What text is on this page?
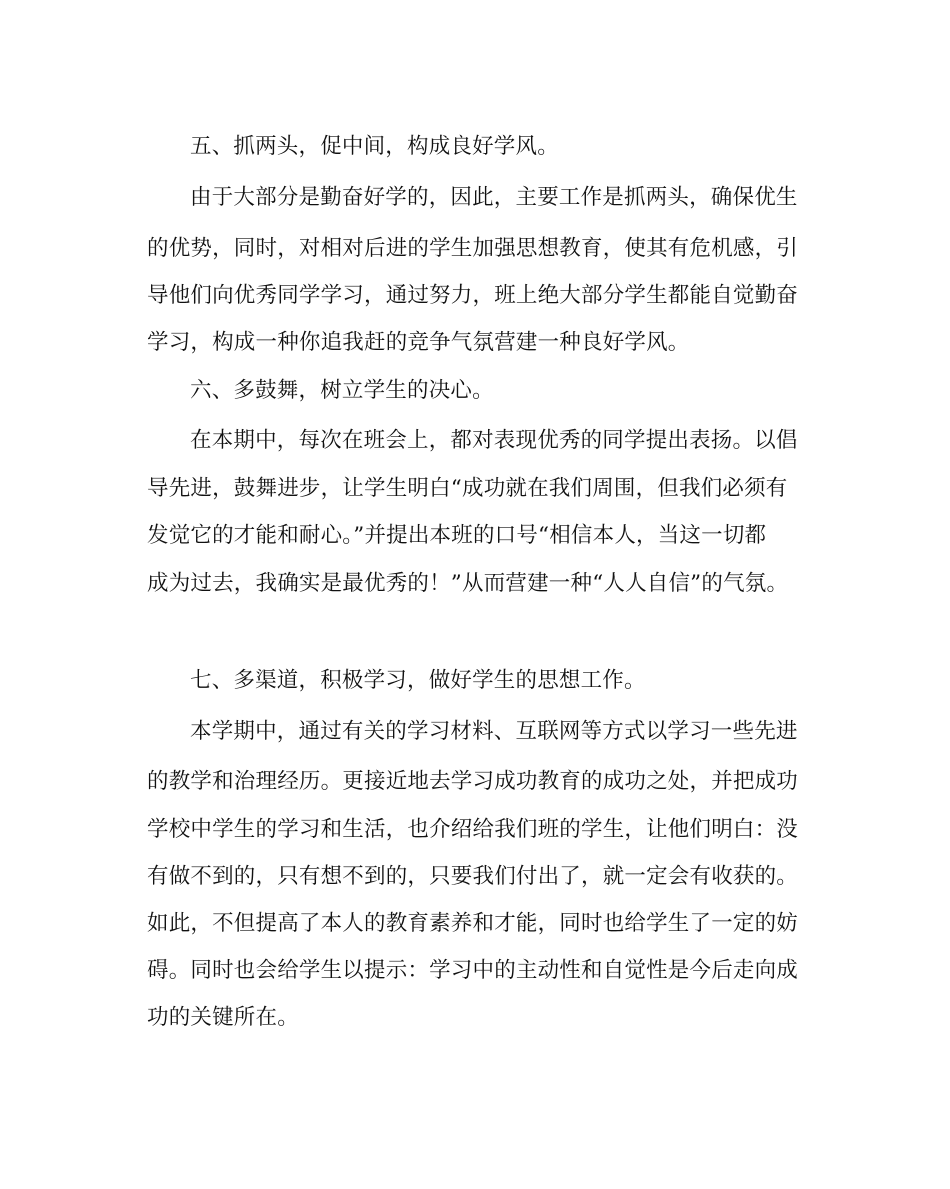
五、抓两头，促中间，构成良好学风。
由于大部分是勤奋好学的，因此，主要工作是抓两头，确保优生
的优势，同时，对相对后进的学生加强思想教育，使其有危机感，引
导他们向优秀同学学习，通过努力，班上绝大部分学生都能自觉勤奋
学习，构成一种你追我赶的竞争气氛营建一种良好学风。
六、多鼓舞，树立学生的决心。
在本期中，每次在班会上，都对表现优秀的同学提出表扬。以倡
导先进，鼓舞进步，让学生明白“成功就在我们周围，但我们必须有
发觉它的才能和耐心。”并提出本班的口号“相信本人，当这一切都
成为过去，我确实是最优秀的！”从而营建一种“人人自信”的气氛。
七、多渠道，积极学习，做好学生的思想工作。
本学期中，通过有关的学习材料、互联网等方式以学习一些先进
的教学和治理经历。更接近地去学习成功教育的成功之处，并把成功
学校中学生的学习和生活，也介绍给我们班的学生，让他们明白：没
有做不到的，只有想不到的，只要我们付出了，就一定会有收获的。
如此，不但提高了本人的教育素养和才能，同时也给学生了一定的妨
碍。同时也会给学生以提示：学习中的主动性和自觉性是今后走向成
功的关键所在。
